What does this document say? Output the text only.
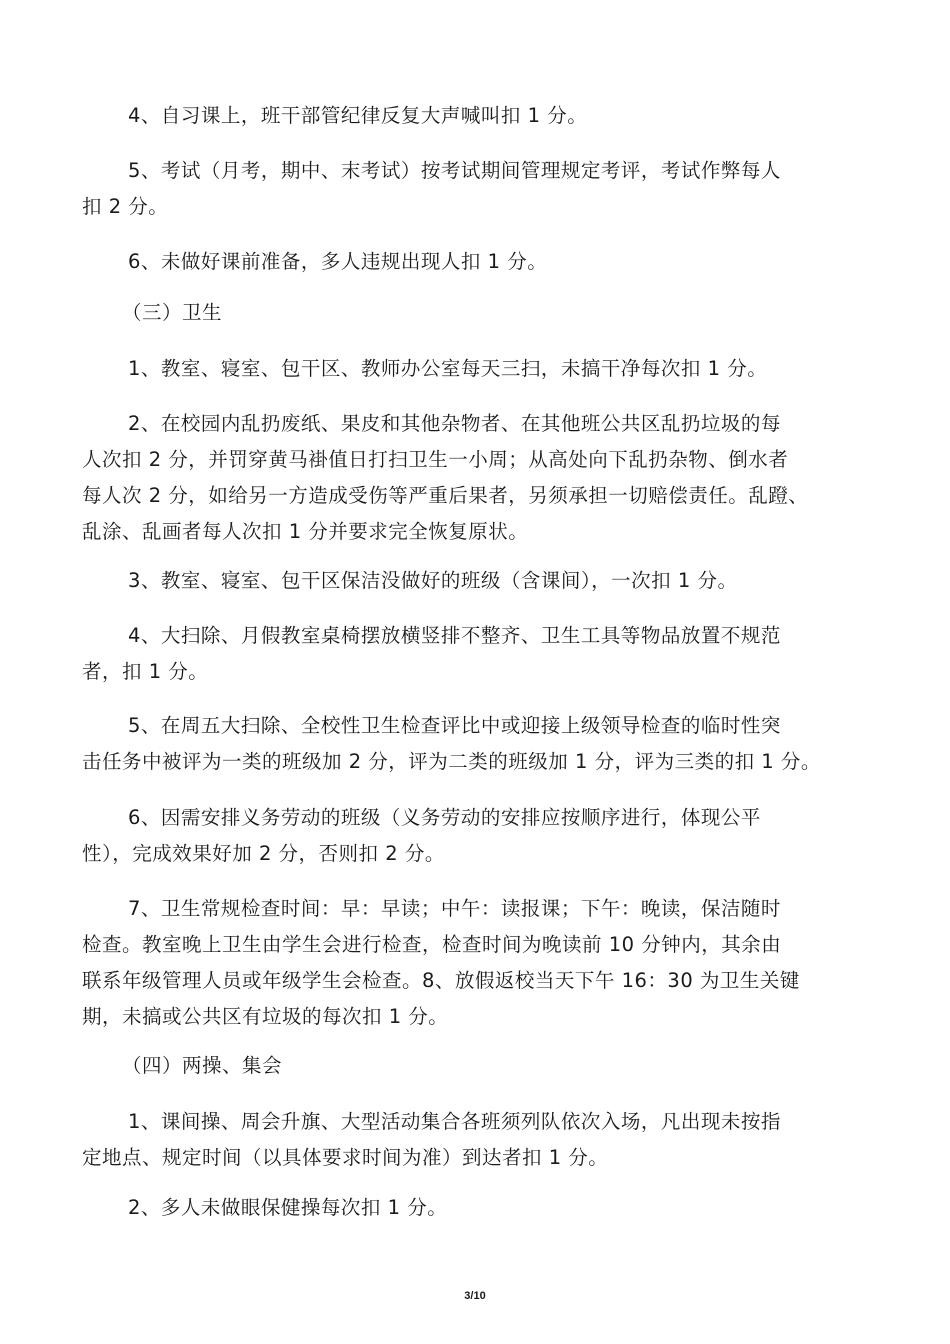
4、自习课上，班干部管纪律反复大声喊叫扣 1 分。
5、考试（月考，期中、末考试）按考试期间管理规定考评，考试作弊每人
扣 2 分。
6、未做好课前准备，多人违规出现人扣 1 分。
（三）卫生
1、教室、寝室、包干区、教师办公室每天三扫，未搞干净每次扣 1 分。
2、在校园内乱扔废纸、果皮和其他杂物者、在其他班公共区乱扔垃圾的每
人次扣 2 分，并罚穿黄马褂值日打扫卫生一小周；从高处向下乱扔杂物、倒水者
每人次 2 分，如给另一方造成受伤等严重后果者，另须承担一切赔偿责任。乱蹬、
乱涂、乱画者每人次扣 1 分并要求完全恢复原状。
3、教室、寝室、包干区保洁没做好的班级（含课间），一次扣 1 分。
4、大扫除、月假教室桌椅摆放横竖排不整齐、卫生工具等物品放置不规范
者，扣 1 分。
5、在周五大扫除、全校性卫生检查评比中或迎接上级领导检查的临时性突
击任务中被评为一类的班级加 2 分，评为二类的班级加 1 分，评为三类的扣 1 分。
6、因需安排义务劳动的班级（义务劳动的安排应按顺序进行，体现公平
性），完成效果好加 2 分，否则扣 2 分。
7、卫生常规检查时间：早：早读；中午：读报课；下午：晚读，保洁随时
检查。教室晚上卫生由学生会进行检查，检查时间为晚读前 10 分钟内，其余由
联系年级管理人员或年级学生会检查。8、放假返校当天下午 16：30 为卫生关键
期，未搞或公共区有垃圾的每次扣 1 分。
（四）两操、集会
1、课间操、周会升旗、大型活动集合各班须列队依次入场，凡出现未按指
定地点、规定时间（以具体要求时间为准）到达者扣 1 分。
2、多人未做眼保健操每次扣 1 分。
3/10
